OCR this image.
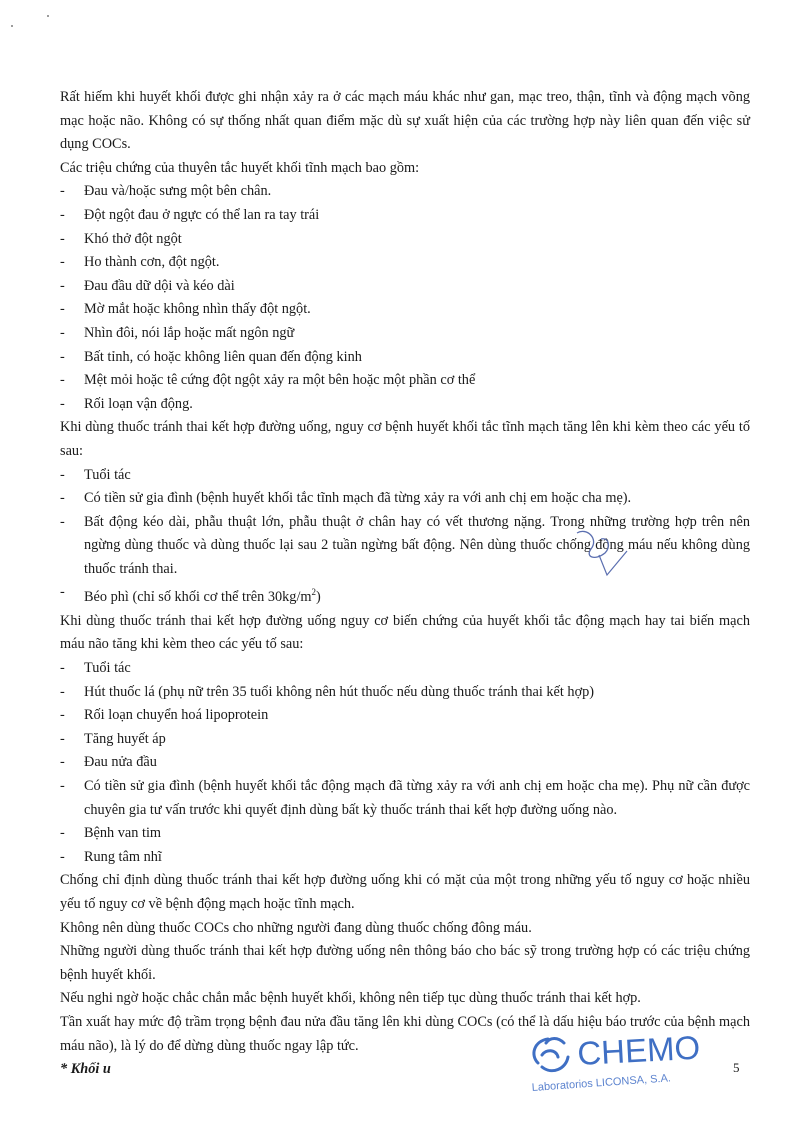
Rất hiếm khi huyết khối được ghi nhận xảy ra ở các mạch máu khác như gan, mạc treo, thận, tĩnh và động mạch võng mạc hoặc não. Không có sự thống nhất quan điểm mặc dù sự xuất hiện của các trường hợp này liên quan đến việc sử dụng COCs.

Các triệu chứng của thuyên tắc huyết khối tĩnh mạch bao gồm:

- Đau và/hoặc sưng một bên chân.
- Đột ngột đau ở ngực có thể lan ra tay trái
- Khó thở đột ngột
- Ho thành cơn, đột ngột.
- Đau đầu dữ dội và kéo dài
- Mờ mắt hoặc không nhìn thấy đột ngột.
- Nhìn đôi, nói lắp hoặc mất ngôn ngữ
- Bất tỉnh, có hoặc không liên quan đến động kinh
- Mệt mỏi hoặc tê cứng đột ngột xảy ra một bên hoặc một phần cơ thể
- Rối loạn vận động.

Khi dùng thuốc tránh thai kết hợp đường uống, nguy cơ bệnh huyết khối tắc tĩnh mạch tăng lên khi kèm theo các yếu tố sau:

- Tuổi tác
- Có tiền sử gia đình (bệnh huyết khối tắc tĩnh mạch đã từng xảy ra với anh chị em hoặc cha mẹ).
- Bất động kéo dài, phẫu thuật lớn, phẫu thuật ở chân hay có vết thương nặng. Trong những trường hợp trên nên ngừng dùng thuốc và dùng thuốc lại sau 2 tuần ngừng bất động. Nên dùng thuốc chống đông máu nếu không dùng thuốc tránh thai.
- Béo phì (chỉ số khối cơ thể trên $30kg/m^2$)

Khi dùng thuốc tránh thai kết hợp đường uống nguy cơ biến chứng của huyết khối tắc động mạch hay tai biến mạch máu não tăng khi kèm theo các yếu tố sau:

- Tuổi tác
- Hút thuốc lá (phụ nữ trên 35 tuổi không nên hút thuốc nếu dùng thuốc tránh thai kết hợp)
- Rối loạn chuyển hoá lipoprotein
- Tăng huyết áp
- Đau nửa đầu
- Có tiền sử gia đình (bệnh huyết khối tắc động mạch đã từng xảy ra với anh chị em hoặc cha mẹ). Phụ nữ cần được chuyên gia tư vấn trước khi quyết định dùng bất kỳ thuốc tránh thai kết hợp đường uống nào.
- Bệnh van tim
- Rung tâm nhĩ

Chống chỉ định dùng thuốc tránh thai kết hợp đường uống khi có mặt của một trong những yếu tố nguy cơ hoặc nhiều yếu tố nguy cơ về bệnh động mạch hoặc tĩnh mạch.

Không nên dùng thuốc COCs cho những người đang dùng thuốc chống đông máu.

Những người dùng thuốc tránh thai kết hợp đường uống nên thông báo cho bác sỹ trong trường hợp có các triệu chứng bệnh huyết khối.

Nếu nghi ngờ hoặc chắc chắn mắc bệnh huyết khối, không nên tiếp tục dùng thuốc tránh thai kết hợp.

Tần xuất hay mức độ trầm trọng bệnh đau nửa đầu tăng lên khi dùng COCs (có thể là dấu hiệu báo trước của bệnh mạch máu não), là lý do để dừng dùng thuốc ngay lập tức.

* Khối u	CHEMO
Laboratorios LICONSA, S.A.
5
